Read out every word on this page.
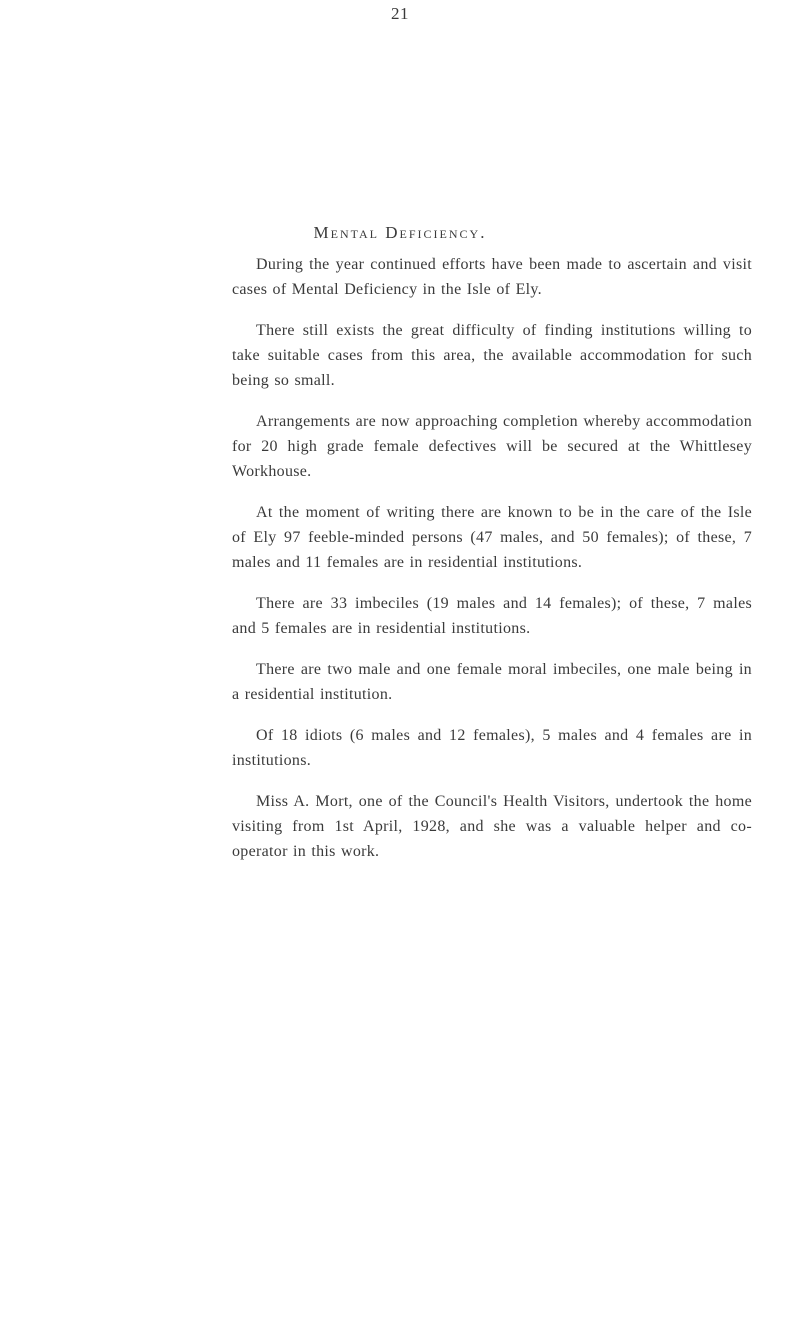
21
Mental Deficiency.

During the year continued efforts have been made to ascertain and visit cases of Mental Deficiency in the Isle of Ely.

There still exists the great difficulty of finding institutions willing to take suitable cases from this area, the available accommodation for such being so small.

Arrangements are now approaching completion whereby accommodation for 20 high grade female defectives will be secured at the Whittlesey Workhouse.

At the moment of writing there are known to be in the care of the Isle of Ely 97 feeble-minded persons (47 males, and 50 females); of these, 7 males and 11 females are in residential institutions.

There are 33 imbeciles (19 males and 14 females); of these, 7 males and 5 females are in residential institutions.

There are two male and one female moral imbeciles, one male being in a residential institution.

Of 18 idiots (6 males and 12 females), 5 males and 4 females are in institutions.

Miss A. Mort, one of the Council's Health Visitors, undertook the home visiting from 1st April, 1928, and she was a valuable helper and co-operator in this work.
